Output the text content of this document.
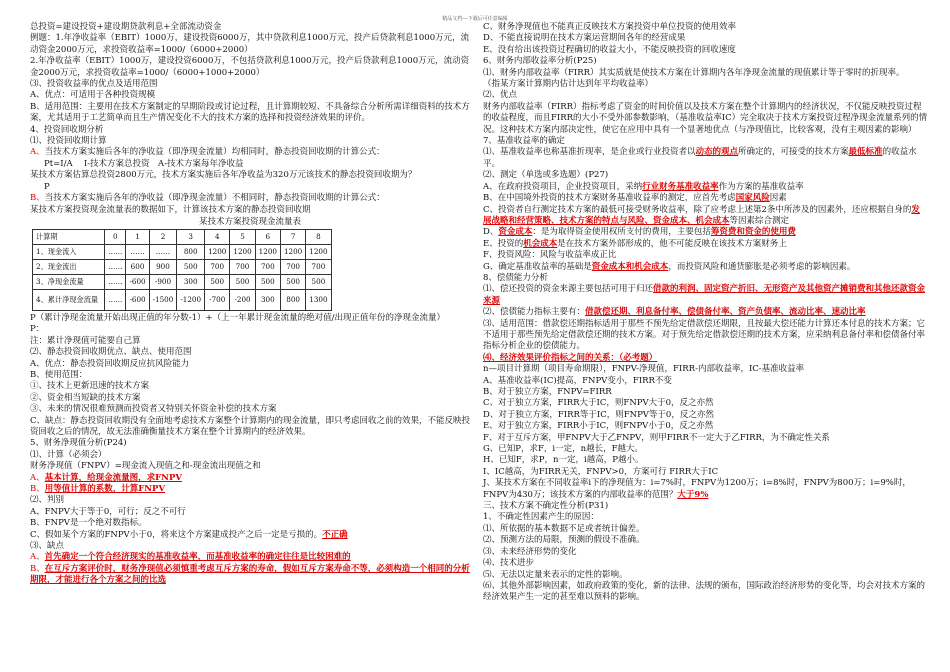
精品文档---下载后可任意编辑

总投资=建设投资+建设期贷款利息+全部流动资金

例题：1.年净收益率（EBIT）1000万，建设投资6000万，其中贷款利息1000万元，投产后贷款利息1000万元，流动资金2000万元，求投资收益率=1000/（6000+2000）

2.年净收益率（EBIT）1000万，建设投资6000万，不包括贷款利息1000万元，投产后贷款利息1000万元，流动资金2000万元，求投资收益率=1000/（6000+1000+2000）

⑶、投资收益率的优点及适用范围

A、优点：可适用于各种投资规模

B、适用范围：主要用在技术方案制定的早期阶段或讨论过程，且计算期较短、不具备综合分析所需详细资料的技术方案，尤其适用于工艺简单而且生产情况变化不大的技术方案的选择和投资经济效果的评价。

4、投资回收期分析

⑴、投资回收期计算

A、当技术方案实施后各年的净收益（即净现金流量）均相同时，静态投资回收期的计算公式：

Pt=I/A　 I-技术方案总投资　A-技术方案每年净收益

某技术方案估算总投资2800万元，技术方案实施后各年净收益为320万元该技术的静态投资回收期为？

P

B、当技术方案实施后各年的净收益（即净现金流量）不相同时，静态投资回收期的计算公式：

某技术方案投资现金流量表的数据如下，计算该技术方案的静态投资回收期

某技术方案投资现金流量表
计算期	0	1	2	3	4	5	6	7	8
1、现金流入	……	……	……	800	1200	1200	1200	1200	1200
2、现金流出	……	600	900	500	700	700	700	700	700
3、净现金流量	……	-600	-900	300	500	500	500	500	500
4、累计净现金流量	……	-600	-1500	-1200	-700	-200	300	800	1300

P（累计净现金流量开始出现正值的年分数-1）+（上一年累计现金流量的绝对值/出现正值年份的净现金流量）

P：

注：累计净现值可能要自己算

⑵、静态投资回收期优点、缺点、使用范围

A、优点：静态投资回收期反应抗风险能力

B、使用范围：

①、技术上更新迅速的技术方案

②、资金相当短缺的技术方案

③、未来的情况很难预测而投资者又特别关怀资金补偿的技术方案

C、缺点：静态投资回收期没有全面地考虑技术方案整个计算期内的现金流量，即只考虑回收之前的效果，不能反映投资回收之后的情况，故无法准确衡量技术方案在整个计算期内的经济效果。

5、财务净现值分析(P24)

⑴、计算（必须会）

财务净现值（FNPV）=现金流入现值之和-现金流出现值之和

A、基本计算，给现金流量图，求FNPV

B、用等值计算的系数，计算FNPV

⑵、判别

A、FNPV大于等于0，可行；反之不可行

B、FNPV是一个绝对数指标。

C、假如某个方案的FNPV小于0，将来这个方案建成投产之后一定是亏损的。不正确

⑶、缺点

A、首先确定一个符合经济现实的基准收益率，而基准收益率的确定往往是比较困难的

B、在互斥方案评价时，财务净现值必须慎重考虑互斥方案的寿命，假如互斥方案寿命不等，必须构造一个相同的分析期限，才能进行各个方案之间的比选

C、财务净现值也不能真正反映技术方案投资中单位投资的使用效率

D、不能直接说明在技术方案运营期间各年的经营成果

E、没有给出该投资过程确切的收益大小，不能反映投资的回收速度

6、财务内部收益率分析(P25)

⑴、财务内部收益率（FIRR）其实质就是使技术方案在计算期内各年净现金流量的现值累计等于零时的折现率。

（指某方案计算期内估计达到年平均收益率）

⑵、优点

财务内部收益率（FIRR）指标考虑了资金的时间价值以及技术方案在整个计算期内的经济状况，不仅能反映投资过程的收益程度，而且FIRR的大小不受外部参数影响，（基准收益率IC）完全取决于技术方案投资过程净现金流量系列的情况。这种技术方案内部决定性，使它在应用中具有一个显著地优点（与净现值比，比较客观，没有主观因素的影响）

7、基准收益率的确定

⑴、基准收益率也称基准折现率，是企业或行业投资者以动态的观点所确定的，可接受的技术方案最低标准的收益水平。

⑵、测定（单选或多选题）(P27)

A、在政府投资项目，企业投资项目，采纳行业财务基准收益率作为方案的基准收益率

B、在中国境外投资的技术方案财务基准收益率的测定，应首先考虑国家风险因素

C、投资者自行测定技术方案的最低可接受财务收益率，除了应考虑上述第2条中所涉及的因素外，还应根据自身的发展战略和经营策略、技术方案的特点与风险、资金成本、机会成本等因素综合测定

D、资金成本：是为取得资金使用权所支付的费用，主要包括筹资费和资金的使用费

E、投资的机会成本是在技术方案外部形成的，他不可能反映在该技术方案财务上

F、投资风险：风险与收益率成正比

G、确定基准收益率的基础是资金成本和机会成本，而投资风险和通货膨胀是必须考虑的影响因素。

8、偿债能力分析

⑴、偿还投资的资金来源主要包括可用于归还借款的利润、固定资产折旧、无形资产及其他资产摊销费和其他还款资金来源

⑵、偿债能力指标主要有：借款偿还期、利息备付率、偿债备付率、资产负债率、流动比率、速动比率

⑶、适用范围：借款偿还期指标适用于那些不预先给定借款偿还期限，且按最大偿还能力计算还本付息的技术方案；它不适用于那些预先给定借款偿还期的技术方案。对于预先给定借款偿还期的技术方案，应采纳利息备付率和偿债备付率指标分析企业的偿债能力。

⑷、经济效果评价指标之间的关系：（必考题）

n—项目计算期（项目寿命期限），FNPV-净现值，FIRR-内部收益率，IC-基准收益率

A、基准收益率(IC)提高，FNPV变小，FIRR不变

B、对于独立方案，FNPV=FIRR

C、对于独立方案，FIRR大于IC，则FNPV大于0，反之亦然

D、对于独立方案，FIRR等于IC，则FNPV等于0，反之亦然

E、对于独立方案，FIRR小于IC，则FNPV小于0，反之亦然

F、对于互斥方案，甲FNPV大于乙FNPV，则甲FIRR不一定大于乙FIRR，为不确定性关系

G、已知P，求F，i一定，n越长，F越大。

H、已知F，求P，n一定，i越高，P越小。

I、IC越高，为FIRR无关，FNPV>0，方案可行 FIRR大于IC

J、某技术方案在不同收益率i下的净现值为：i=7%时，FNPV为1200万；i=8%时，FNPV为800万；i=9%时，FNPV为430万；该技术方案的内部收益率的范围？大于9%

三、技术方案不确定性分析(P31)

1、不确定性因素产生的原因：

⑴、所依据的基本数据不足或者统计偏差。

⑵、预测方法的局限，预测的假设不准确。

⑶、未来经济形势的变化

⑷、技术进步

⑸、无法以定量来表示的定性的影响。

⑹、其他外部影响因素，如政府政策的变化，新的法律、法规的颁布，国际政治经济形势的变化等，均会对技术方案的经济效果产生一定的甚至难以预料的影响。
